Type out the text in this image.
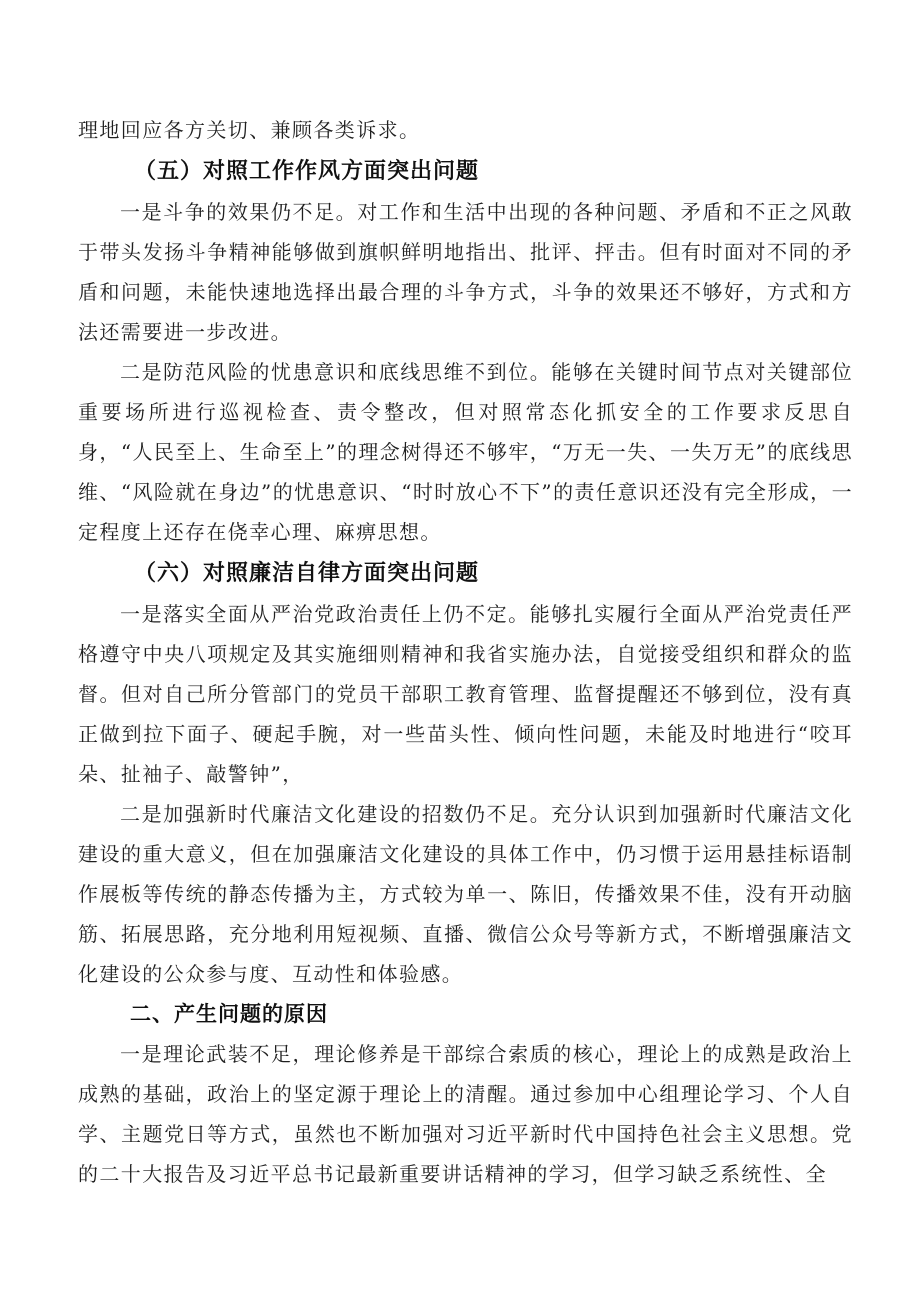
理地回应各方关切、兼顾各类诉求。

（五）对照工作作风方面突出问题

一是斗争的效果仍不足。对工作和生活中出现的各种问题、矛盾和不正之风敢于带头发扬斗争精神能够做到旗帜鲜明地指出、批评、抨击。但有时面对不同的矛盾和问题，未能快速地选择出最合理的斗争方式，斗争的效果还不够好，方式和方法还需要进一步改进。

二是防范风险的忧患意识和底线思维不到位。能够在关键时间节点对关键部位重要场所进行巡视检查、责令整改，但对照常态化抓安全的工作要求反思自身，“人民至上、生命至上”的理念树得还不够牢，“万无一失、一失万无”的底线思维、“风险就在身边”的忧患意识、“时时放心不下”的责任意识还没有完全形成，一定程度上还存在侥幸心理、麻痹思想。

（六）对照廉洁自律方面突出问题

一是落实全面从严治党政治责任上仍不定。能够扎实履行全面从严治党责任严格遵守中央八项规定及其实施细则精神和我省实施办法，自觉接受组织和群众的监督。但对自己所分管部门的党员干部职工教育管理、监督提醒还不够到位，没有真正做到拉下面子、硬起手腕，对一些苗头性、倾向性问题，未能及时地进行“咬耳朵、扯袖子、敲警钟”，

二是加强新时代廉洁文化建设的招数仍不足。充分认识到加强新时代廉洁文化建设的重大意义，但在加强廉洁文化建设的具体工作中，仍习惯于运用悬挂标语制作展板等传统的静态传播为主，方式较为单一、陈旧，传播效果不佳，没有开动脑筋、拓展思路，充分地利用短视频、直播、微信公众号等新方式，不断增强廉洁文化建设的公众参与度、互动性和体验感。

二、产生问题的原因

一是理论武装不足，理论修养是干部综合索质的核心，理论上的成熟是政治上成熟的基础，政治上的坚定源于理论上的清醒。通过参加中心组理论学习、个人自学、主题党日等方式，虽然也不断加强对习近平新时代中国持色社会主义思想。党的二十大报告及习近平总书记最新重要讲话精神的学习，但学习缺乏系统性、全
